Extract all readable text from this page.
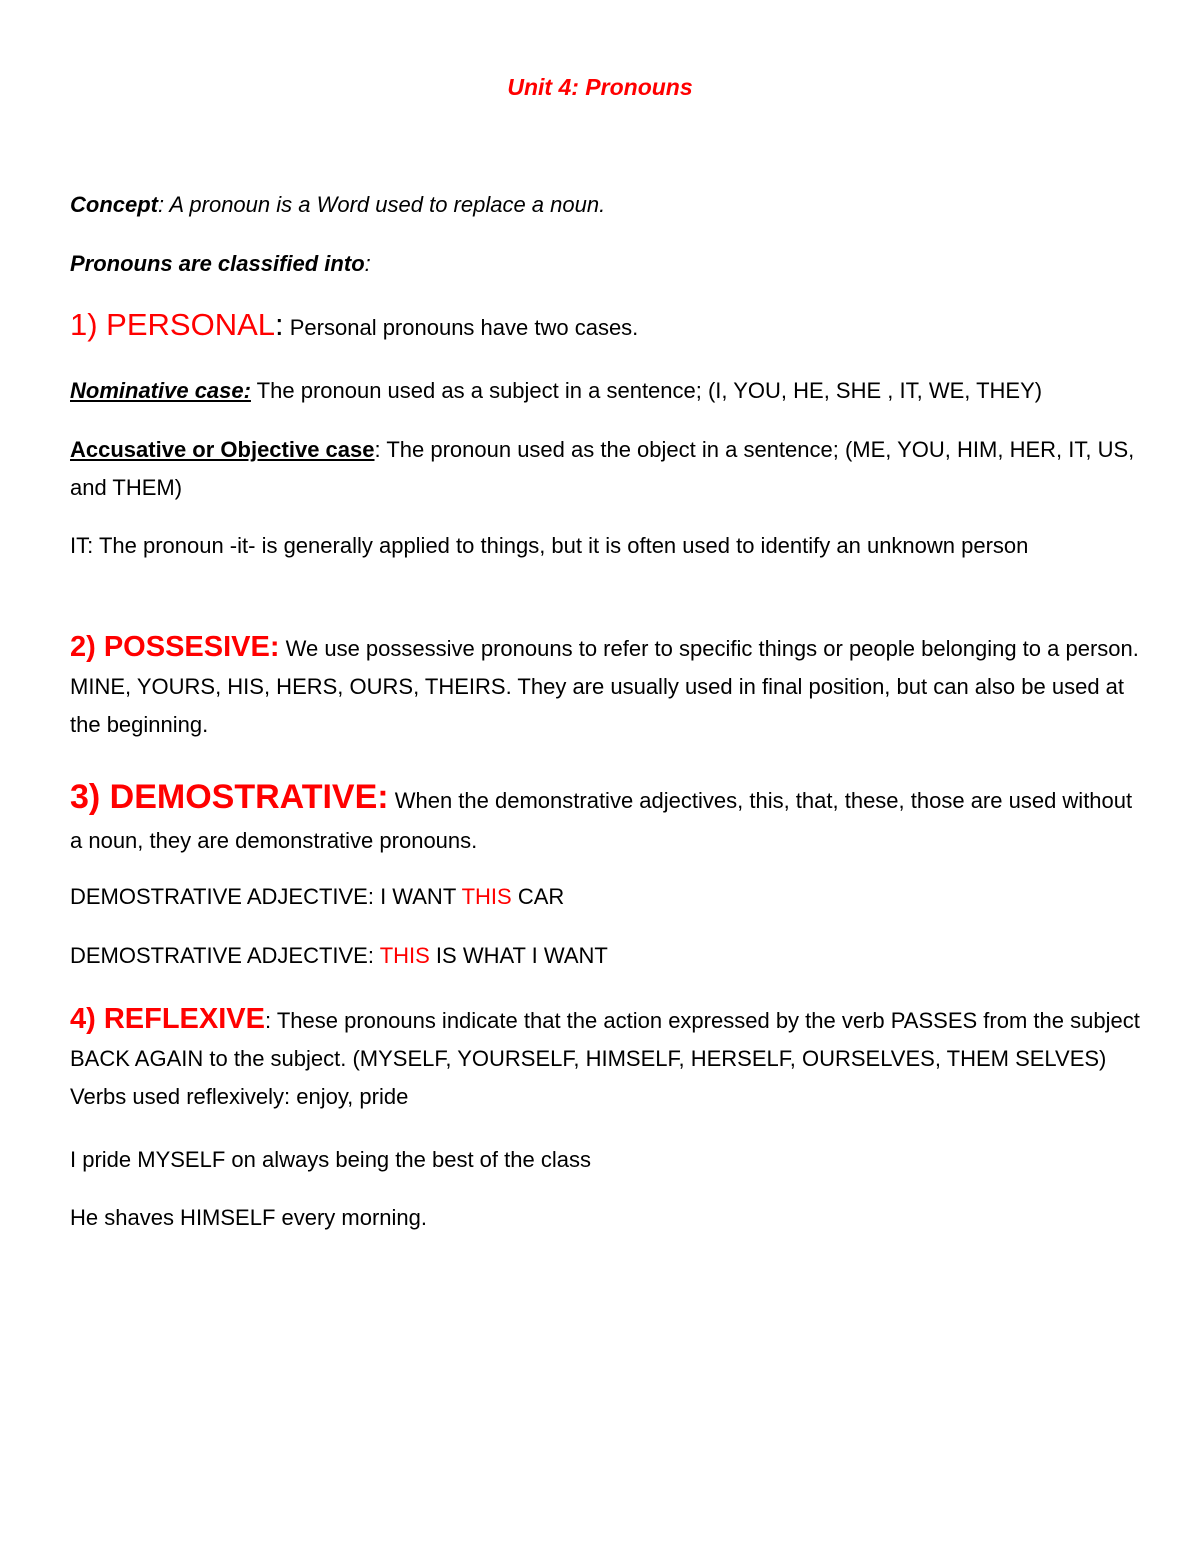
Unit 4: Pronouns
Concept: A pronoun is a Word used to replace a noun.
Pronouns are classified into:
1) PERSONAL: Personal pronouns have two cases.
Nominative case: The pronoun used as a subject in a sentence; (I, YOU, HE, SHE , IT, WE, THEY)
Accusative or Objective case: The pronoun used as the object in a sentence; (ME, YOU, HIM, HER, IT, US, and THEM)
IT: The pronoun -it- is generally applied to things, but it is often used to identify an unknown person
2) POSSESIVE: We use possessive pronouns to refer to specific things or people belonging to a person. MINE, YOURS, HIS, HERS, OURS, THEIRS. They are usually used in final position, but can also be used at the beginning.
3) DEMOSTRATIVE: When the demonstrative adjectives, this, that, these, those are used without a noun, they are demonstrative pronouns.
DEMOSTRATIVE ADJECTIVE: I WANT THIS CAR
DEMOSTRATIVE ADJECTIVE: THIS IS WHAT I WANT
4) REFLEXIVE: These pronouns indicate that the action expressed by the verb PASSES from the subject BACK AGAIN to the subject. (MYSELF, YOURSELF, HIMSELF, HERSELF, OURSELVES, THEM SELVES) Verbs used reflexively: enjoy, pride
I pride MYSELF on always being the best of the class
He shaves HIMSELF every morning.
